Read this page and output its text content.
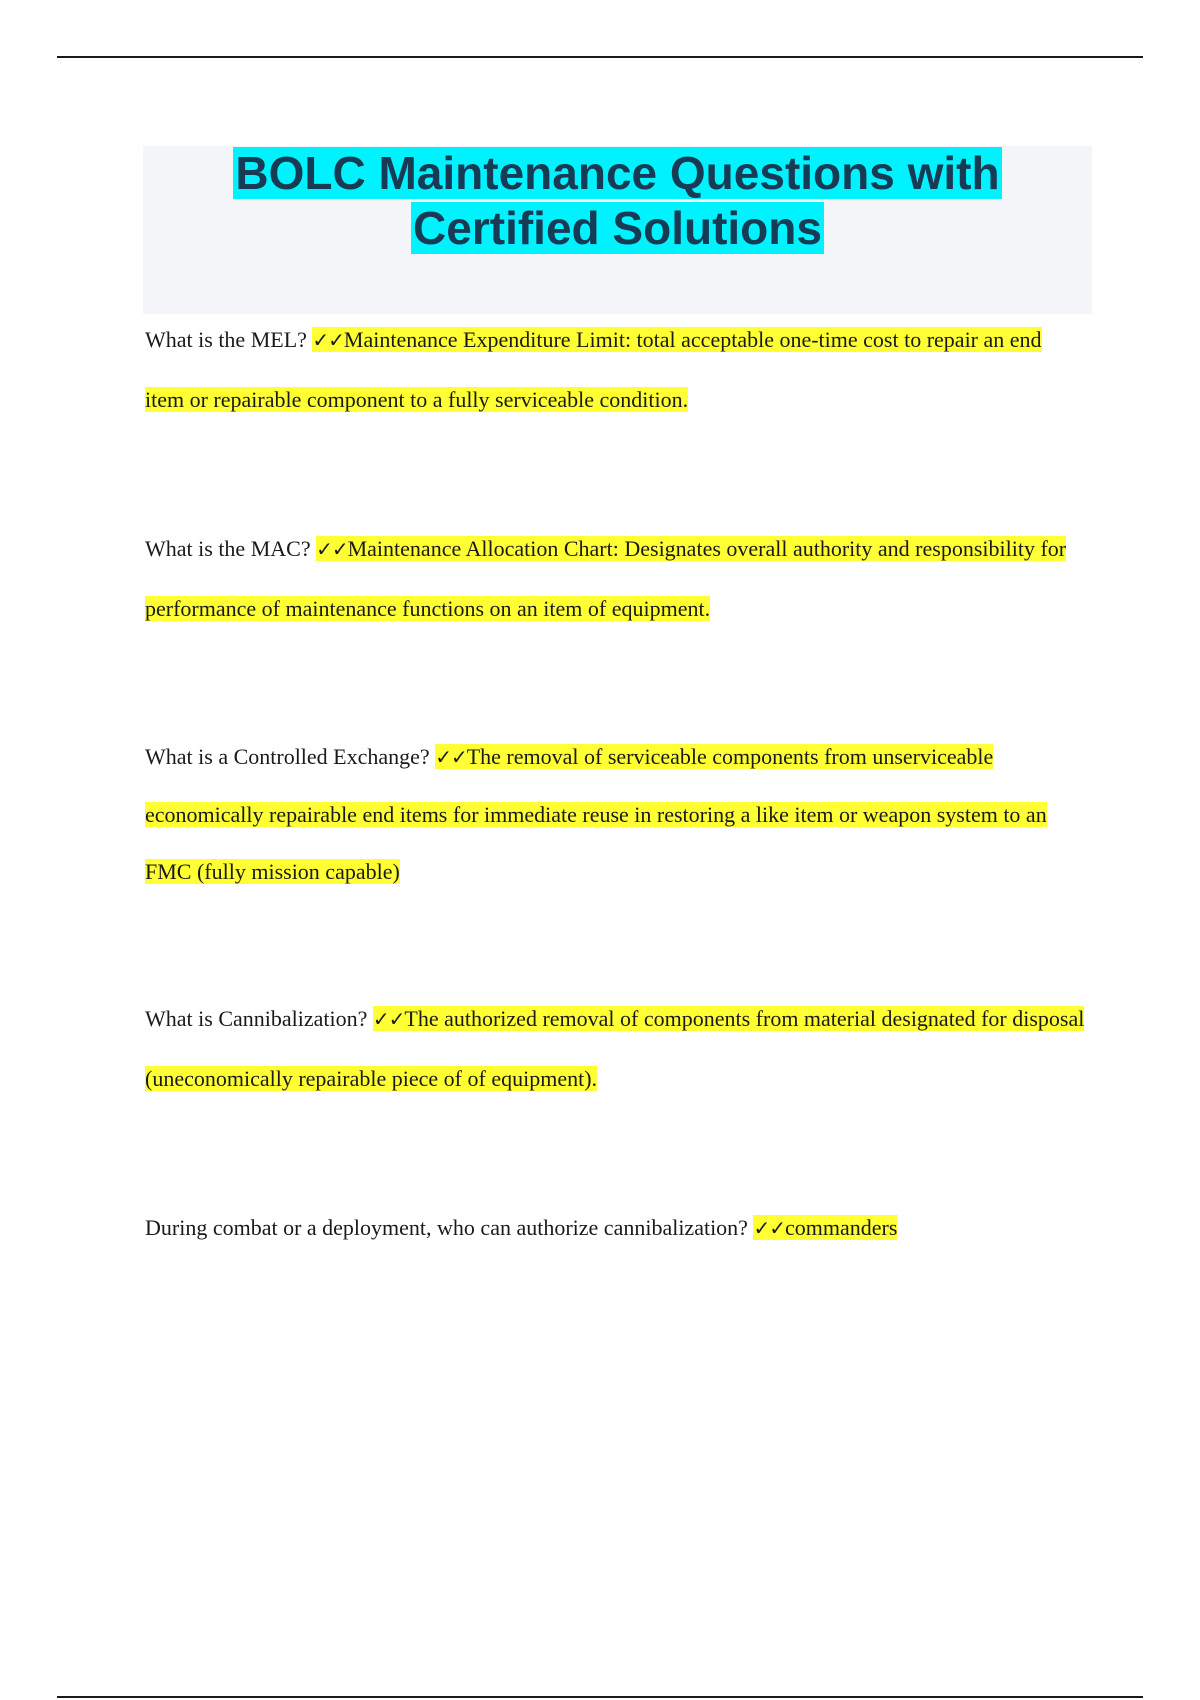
BOLC Maintenance Questions with
Certified Solutions

What is the MEL? ✓✓Maintenance Expenditure Limit: total acceptable one-time cost to repair an end item or repairable component to a fully serviceable condition.

What is the MAC? ✓✓Maintenance Allocation Chart: Designates overall authority and responsibility for performance of maintenance functions on an item of equipment.

What is a Controlled Exchange? ✓✓The removal of serviceable components from unserviceable economically repairable end items for immediate reuse in restoring a like item or weapon system to an FMC (fully mission capable)

What is Cannibalization? ✓✓The authorized removal of components from material designated for disposal (uneconomically repairable piece of of equipment).

During combat or a deployment, who can authorize cannibalization? ✓✓commanders
